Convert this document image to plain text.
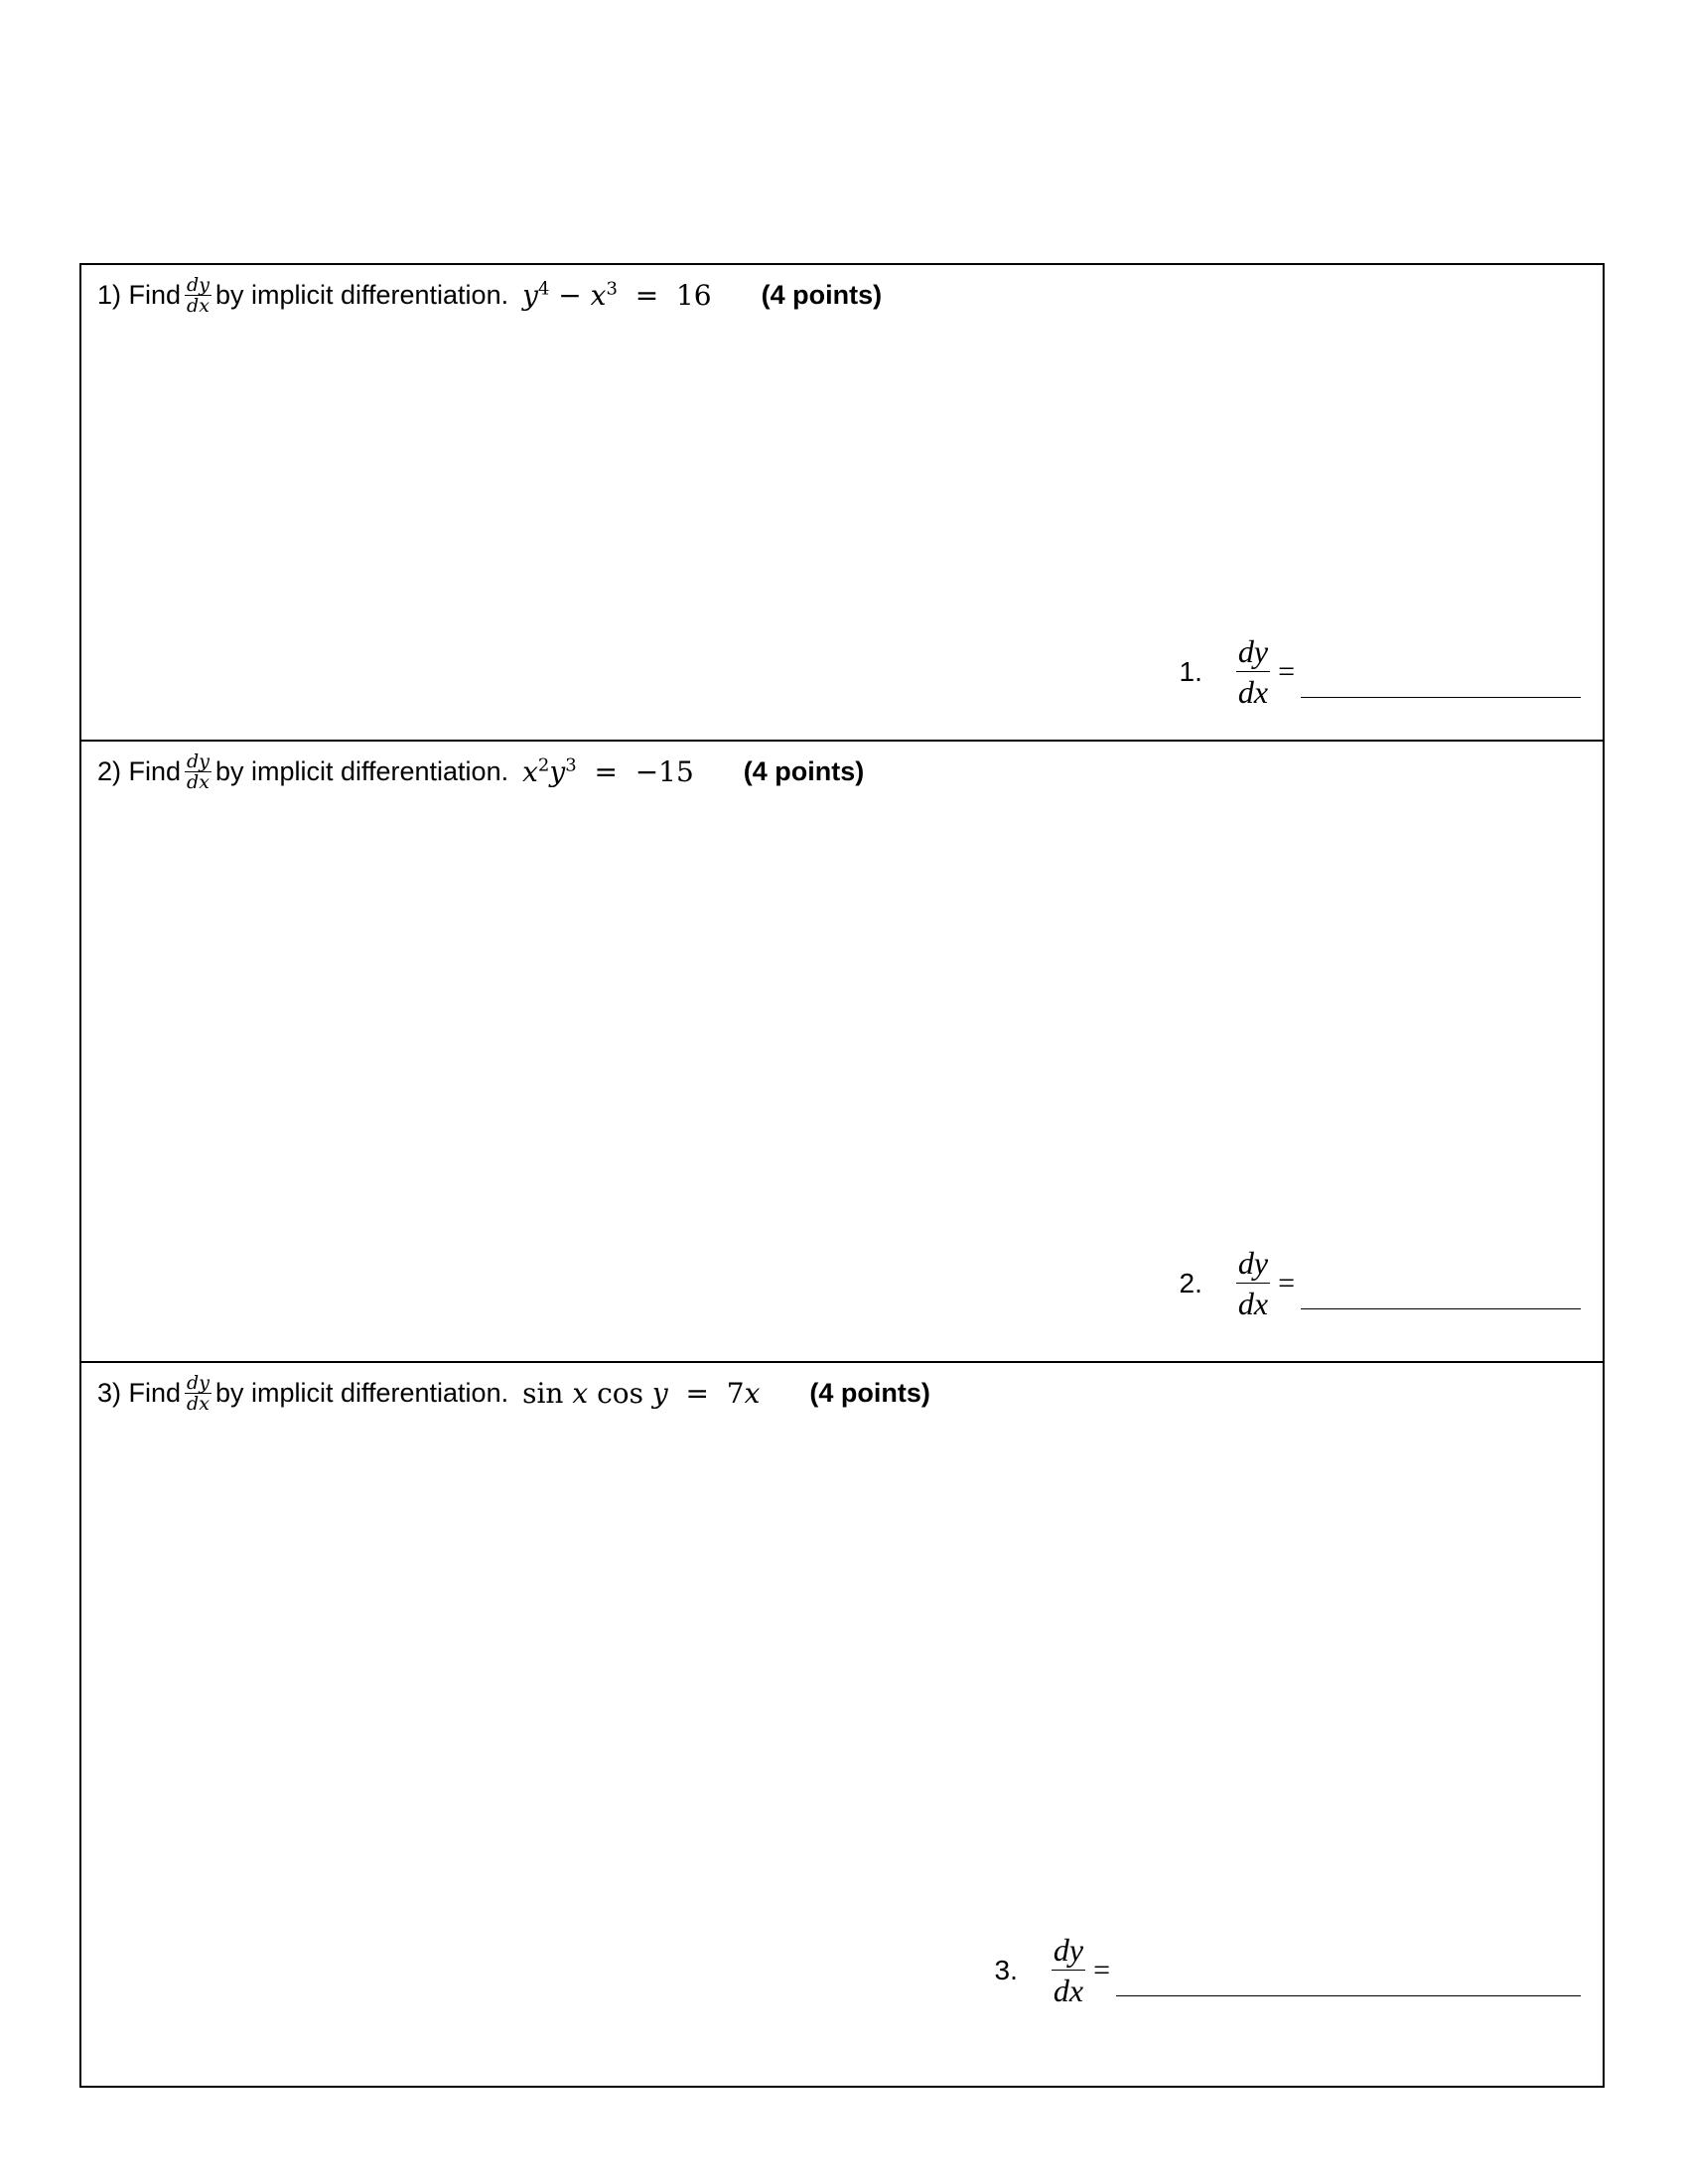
1) Find $\frac{dy}{dx}$ by implicit differentiation. $y^4 - x^3 = 16$ (4 points)
1. $\frac{dy}{dx}$ =
2) Find $\frac{dy}{dx}$ by implicit differentiation. $x^2y^3 = -15$ (4 points)
2. $\frac{dy}{dx}$ =
3) Find $\frac{dy}{dx}$ by implicit differentiation. sin x cos y  =  7x (4 points)
3. $\frac{dy}{dx}$ =
